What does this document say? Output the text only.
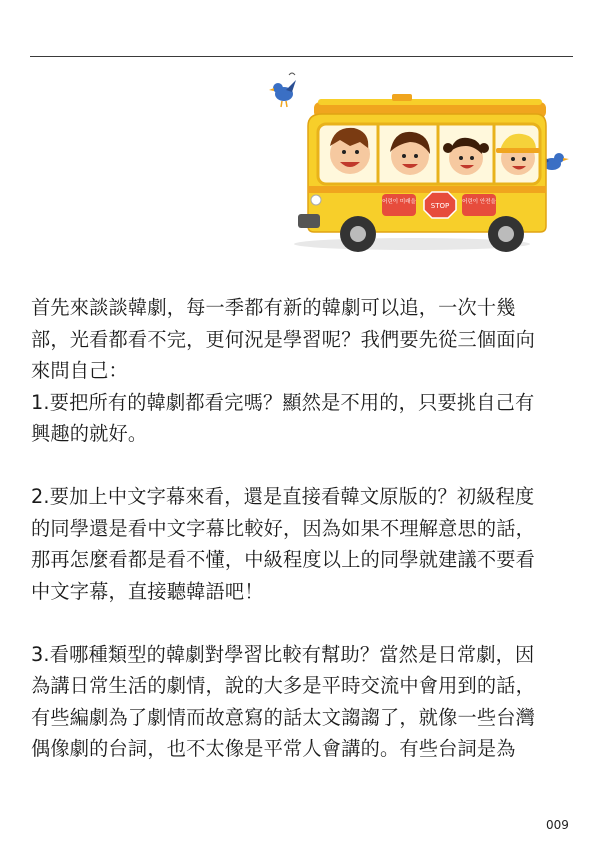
어린이 미래을 STOP 어린이 안전을
首先來談談韓劇，每一季都有新的韓劇可以追，一次十幾
部，光看都看不完，更何況是學習呢？我們要先從三個面向
來問自己：
1.要把所有的韓劇都看完嗎？顯然是不用的，只要挑自己有
興趣的就好。
2.要加上中文字幕來看，還是直接看韓文原版的？初級程度
的同學還是看中文字幕比較好，因為如果不理解意思的話，
那再怎麼看都是看不懂，中級程度以上的同學就建議不要看
中文字幕，直接聽韓語吧！
3.看哪種類型的韓劇對學習比較有幫助？當然是日常劇，因
為講日常生活的劇情，說的大多是平時交流中會用到的話，
有些編劇為了劇情而故意寫的話太文謅謅了，就像一些台灣
偶像劇的台詞，也不太像是平常人會講的。有些台詞是為
009
